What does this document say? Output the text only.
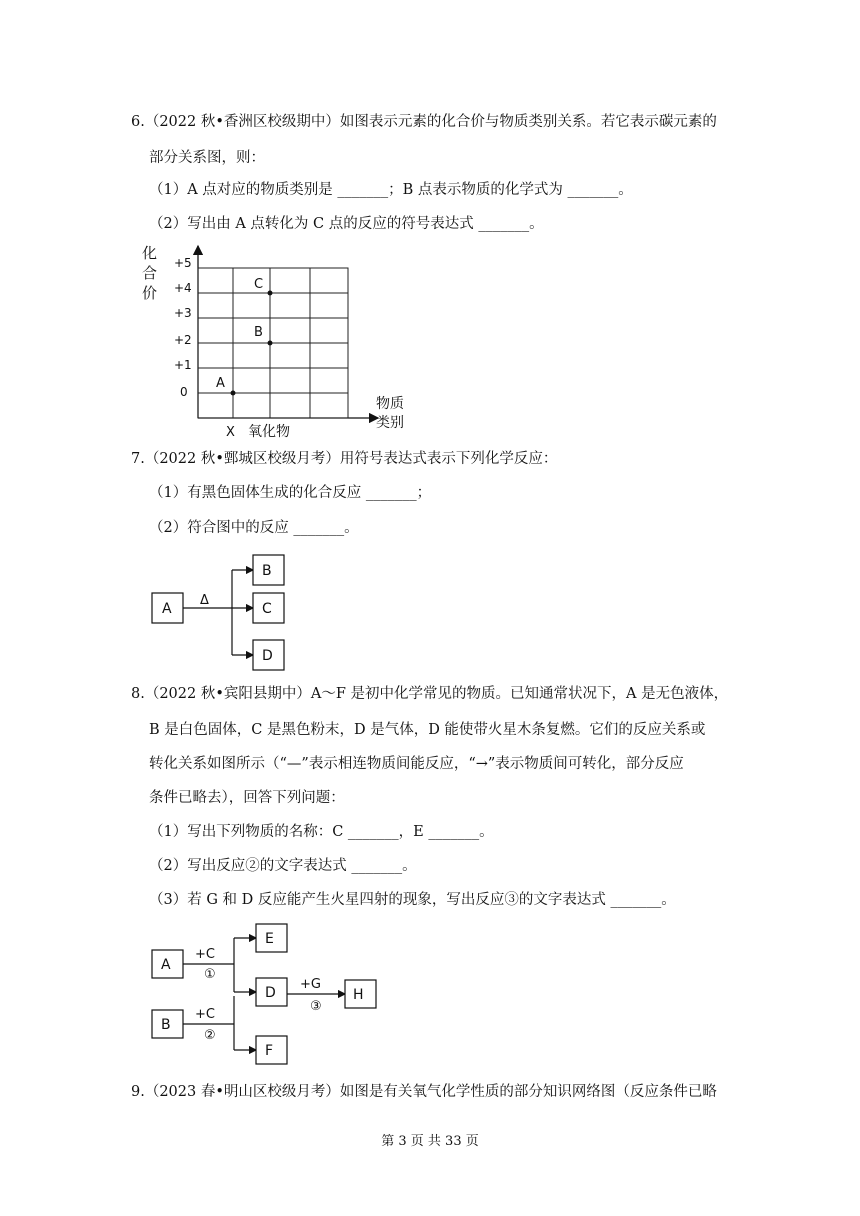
6.（2022 秋•香洲区校级期中）如图表示元素的化合价与物质类别关系。若它表示碳元素的
部分关系图，则：
（1）A 点对应的物质类别是 _______；B 点表示物质的化学式为 _______。
（2）写出由 A 点转化为 C 点的反应的符号表达式 _______。
化
合
价
+5
+4
+3
+2
+1
0
A
B
C
X 氧化物
物质
类别
7.（2022 秋•鄄城区校级月考）用符号表达式表示下列化学反应：
（1）有黑色固体生成的化合反应 _______；
（2）符合图中的反应 _______。
A
Δ
B
C
D
8.（2022 秋•宾阳县期中）A～F 是初中化学常见的物质。已知通常状况下，A 是无色液体，
B 是白色固体，C 是黑色粉末，D 是气体，D 能使带火星木条复燃。它们的反应关系或
转化关系如图所示（“—”表示相连物质间能反应，“→”表示物质间可转化，部分反应
条件已略去），回答下列问题：
（1）写出下列物质的名称：C _______，E _______。
（2）写出反应②的文字表达式 _______。
（3）若 G 和 D 反应能产生火星四射的现象，写出反应③的文字表达式 _______。
A
+C
①
E
D
+G
③
H
B
+C
②
F
9.（2023 春•明山区校级月考）如图是有关氧气化学性质的部分知识网络图（反应条件已略
第 3 页 共 33 页
